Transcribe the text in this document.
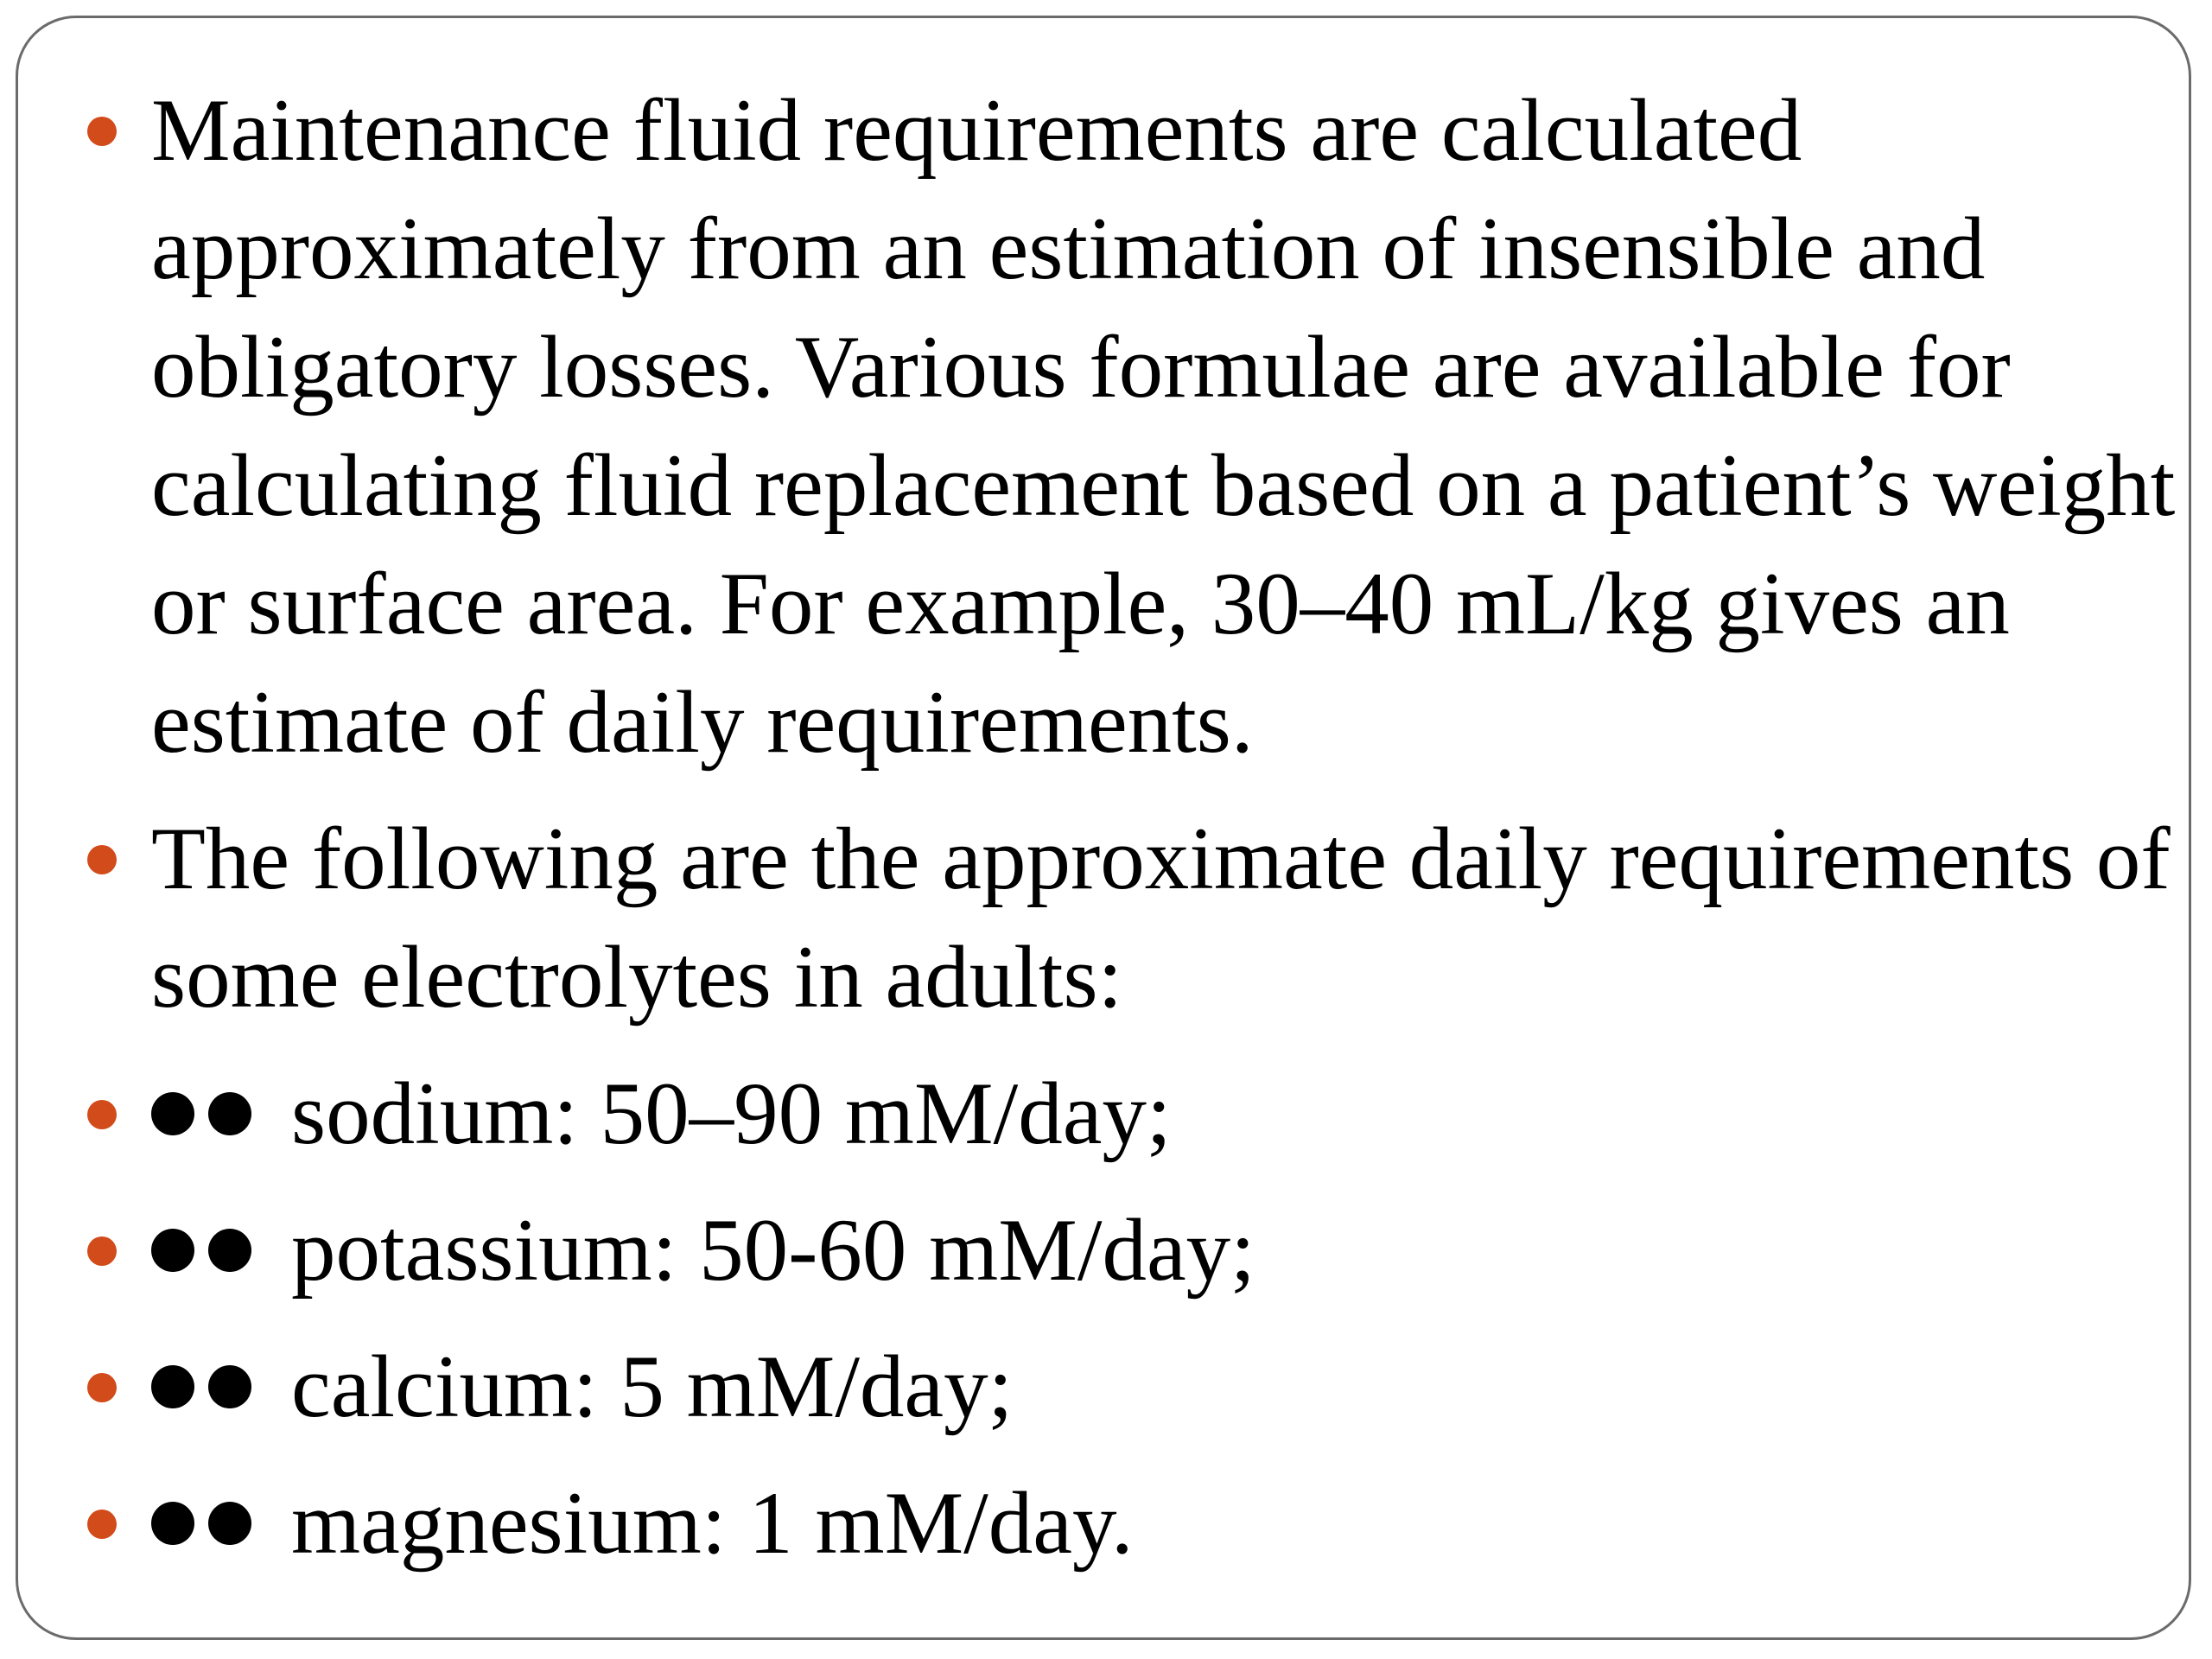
Maintenance fluid requirements are calculated approximately from an estimation of insensible and obligatory losses. Various formulae are available for calculating fluid replacement based on a patient’s weight or surface area. For example, 30–40 mL/kg gives an estimate of daily requirements.
The following are the approximate daily requirements of some electrolytes in adults:
sodium: 50–90 mM/day;
potassium: 50-60 mM/day;
calcium: 5 mM/day;
magnesium: 1 mM/day.
